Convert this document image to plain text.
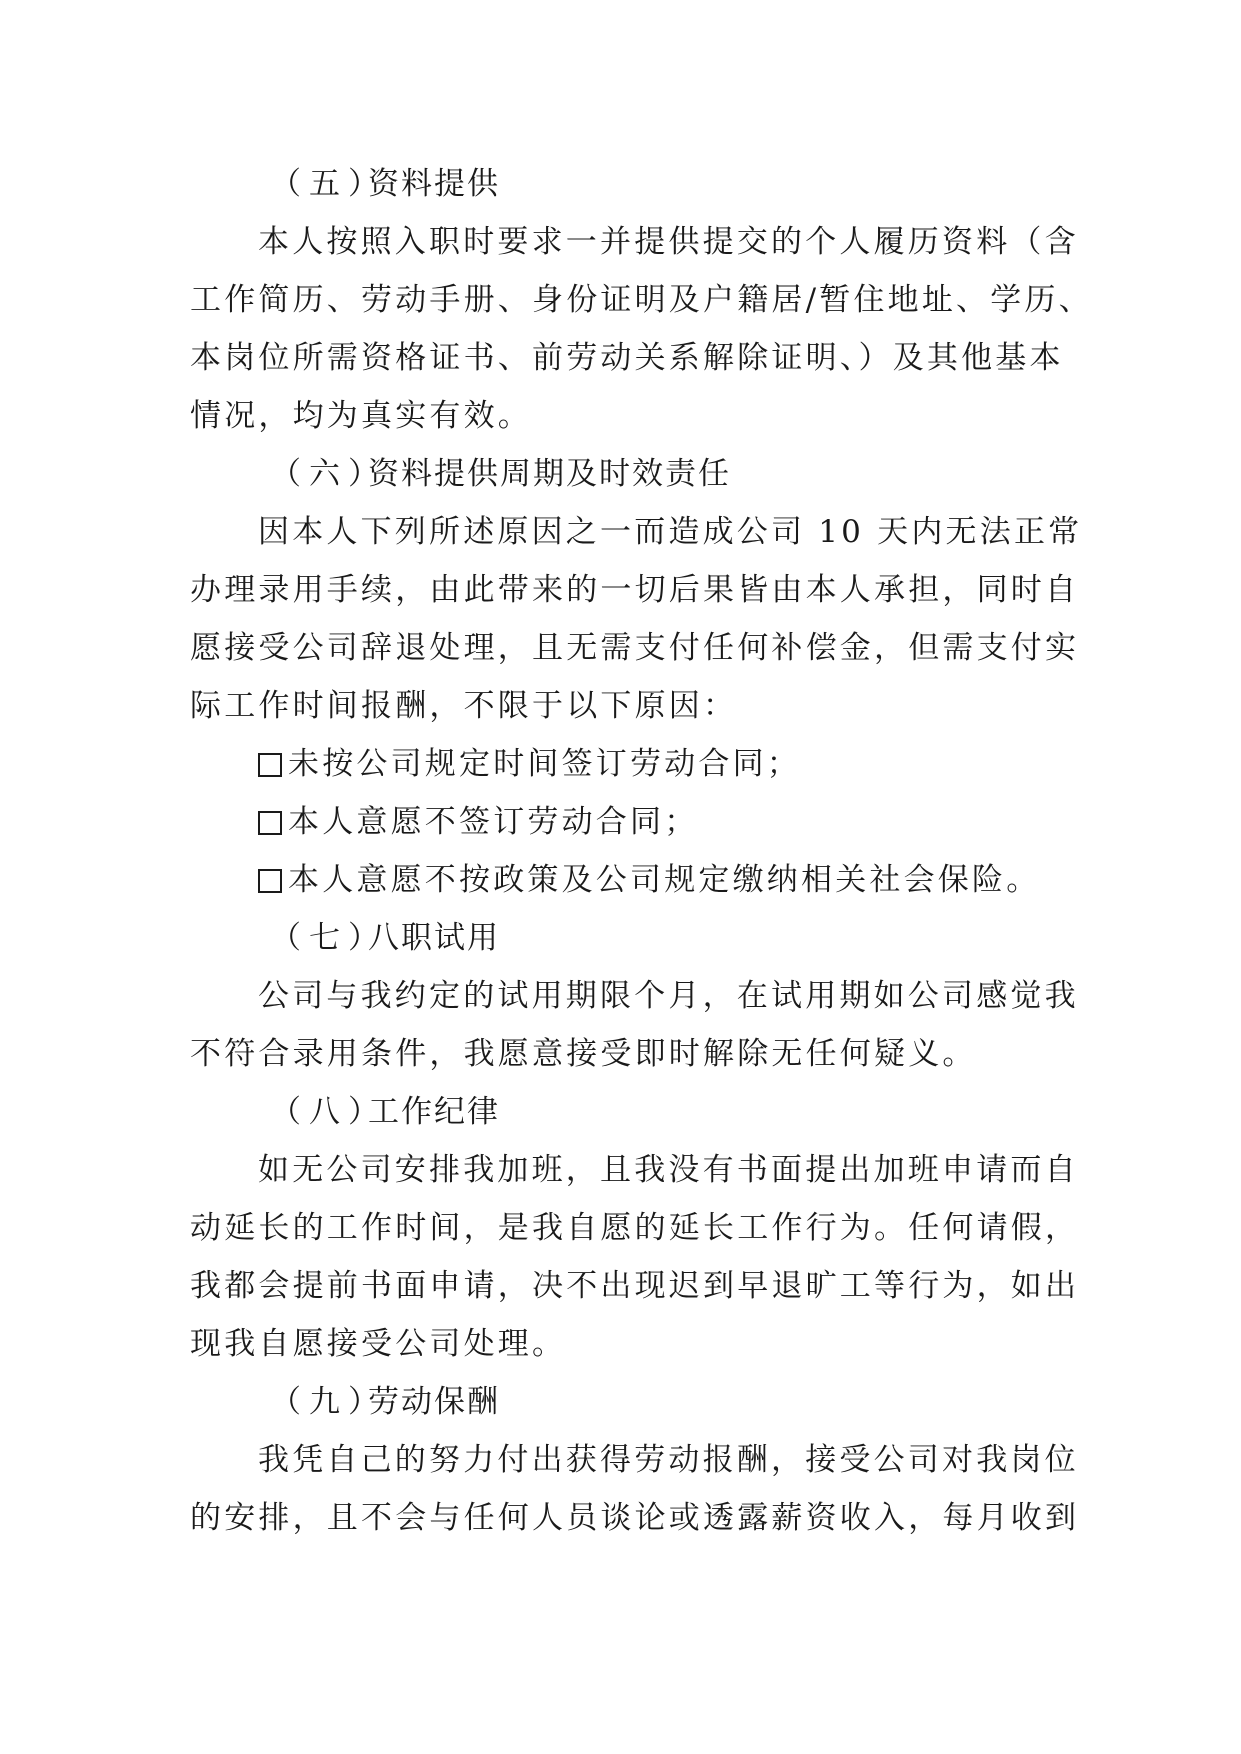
（五）资料提供
本人按照入职时要求一并提供提交的个人履历资料（含
工作简历、劳动手册、身份证明及户籍居/暂住地址、学历、
本岗位所需资格证书、前劳动关系解除证明、）及其他基本
情况，均为真实有效。
（六）资料提供周期及时效责任
因本人下列所述原因之一而造成公司 10 天内无法正常
办理录用手续，由此带来的一切后果皆由本人承担，同时自
愿接受公司辞退处理，且无需支付任何补偿金，但需支付实
际工作时间报酬，不限于以下原因：
未按公司规定时间签订劳动合同；
本人意愿不签订劳动合同；
本人意愿不按政策及公司规定缴纳相关社会保险。
（七）八职试用
公司与我约定的试用期限个月，在试用期如公司感觉我
不符合录用条件，我愿意接受即时解除无任何疑义。
（八）工作纪律
如无公司安排我加班，且我没有书面提出加班申请而自
动延长的工作时间，是我自愿的延长工作行为。任何请假，
我都会提前书面申请，决不出现迟到早退旷工等行为，如出
现我自愿接受公司处理。
（九）劳动保酬
我凭自己的努力付出获得劳动报酬，接受公司对我岗位
的安排，且不会与任何人员谈论或透露薪资收入，每月收到
